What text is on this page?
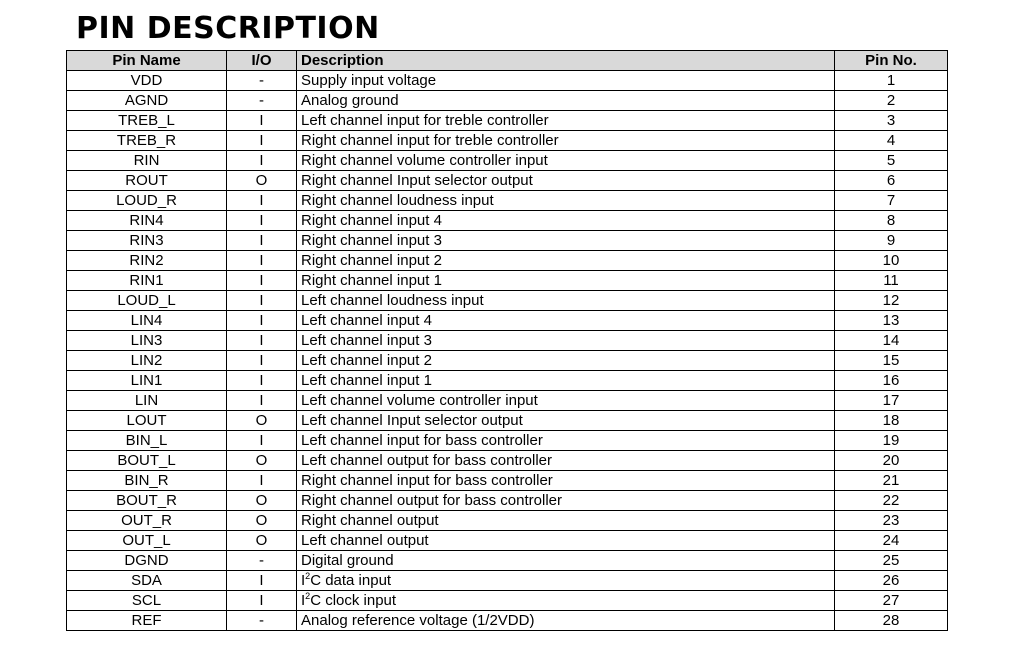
PIN DESCRIPTION
Pin Name	I/O	Description	Pin No.
VDD	-	Supply input voltage	1
AGND	-	Analog ground	2
TREB_L	I	Left channel input for treble controller	3
TREB_R	I	Right channel input for treble controller	4
RIN	I	Right channel volume controller input	5
ROUT	O	Right channel Input selector output	6
LOUD_R	I	Right channel loudness input	7
RIN4	I	Right channel input 4	8
RIN3	I	Right channel input 3	9
RIN2	I	Right channel input 2	10
RIN1	I	Right channel input 1	11
LOUD_L	I	Left channel loudness input	12
LIN4	I	Left channel input 4	13
LIN3	I	Left channel input 3	14
LIN2	I	Left channel input 2	15
LIN1	I	Left channel input 1	16
LIN	I	Left channel volume controller input	17
LOUT	O	Left channel Input selector output	18
BIN_L	I	Left channel input for bass controller	19
BOUT_L	O	Left channel output for bass controller	20
BIN_R	I	Right channel input for bass controller	21
BOUT_R	O	Right channel output for bass controller	22
OUT_R	O	Right channel output	23
OUT_L	O	Left channel output	24
DGND	-	Digital ground	25
SDA	I	$I^2C$ data input	26
SCL	I	$I^2C$ clock input	27
REF	-	Analog reference voltage (1/2VDD)	28
